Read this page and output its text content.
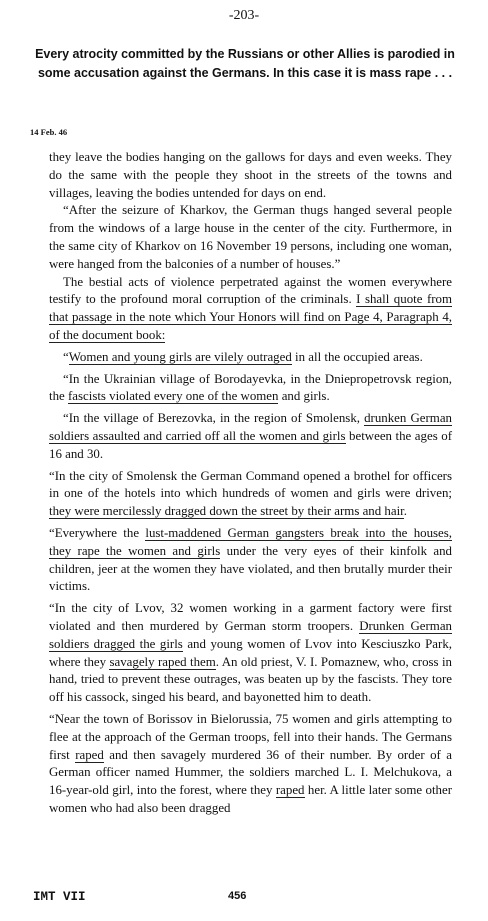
-203-
Every atrocity committed by the Russians or other Allies is parodied in some accusation against the Germans. In this case it is mass rape . . .
14 Feb. 46

they leave the bodies hanging on the gallows for days and even weeks. They do the same with the people they shoot in the streets of the towns and villages, leaving the bodies untended for days on end.

“After the seizure of Kharkov, the German thugs hanged several people from the windows of a large house in the center of the city. Furthermore, in the same city of Kharkov on 16 November 19 persons, including one woman, were hanged from the balconies of a number of houses.”

The bestial acts of violence perpetrated against the women everywhere testify to the profound moral corruption of the criminals. I shall quote from that passage in the note which Your Honors will find on Page 4, Paragraph 4, of the document book:

“Women and young girls are vilely outraged in all the occupied areas.

“In the Ukrainian village of Borodayevka, in the Dniepropetrovsk region, the fascists violated every one of the women and girls.

“In the village of Berezovka, in the region of Smolensk, drunken German soldiers assaulted and carried off all the women and girls between the ages of 16 and 30.

“In the city of Smolensk the German Command opened a brothel for officers in one of the hotels into which hundreds of women and girls were driven; they were mercilessly dragged down the street by their arms and hair.

“Everywhere the lust-maddened German gangsters break into the houses, they rape the women and girls under the very eyes of their kinfolk and children, jeer at the women they have violated, and then brutally murder their victims.

“In the city of Lvov, 32 women working in a garment factory were first violated and then murdered by German storm troopers. Drunken German soldiers dragged the girls and young women of Lvov into Kesciuszko Park, where they savagely raped them. An old priest, V. I. Pomaznew, who, cross in hand, tried to prevent these outrages, was beaten up by the fascists. They tore off his cassock, singed his beard, and bayonetted him to death.

“Near the town of Borissov in Bielorussia, 75 women and girls attempting to flee at the approach of the German troops, fell into their hands. The Germans first raped and then savagely murdered 36 of their number. By order of a German officer named Hummer, the soldiers marched L. I. Melchukova, a 16-year-old girl, into the forest, where they raped her. A little later some other women who had also been dragged

IMT VII	456
